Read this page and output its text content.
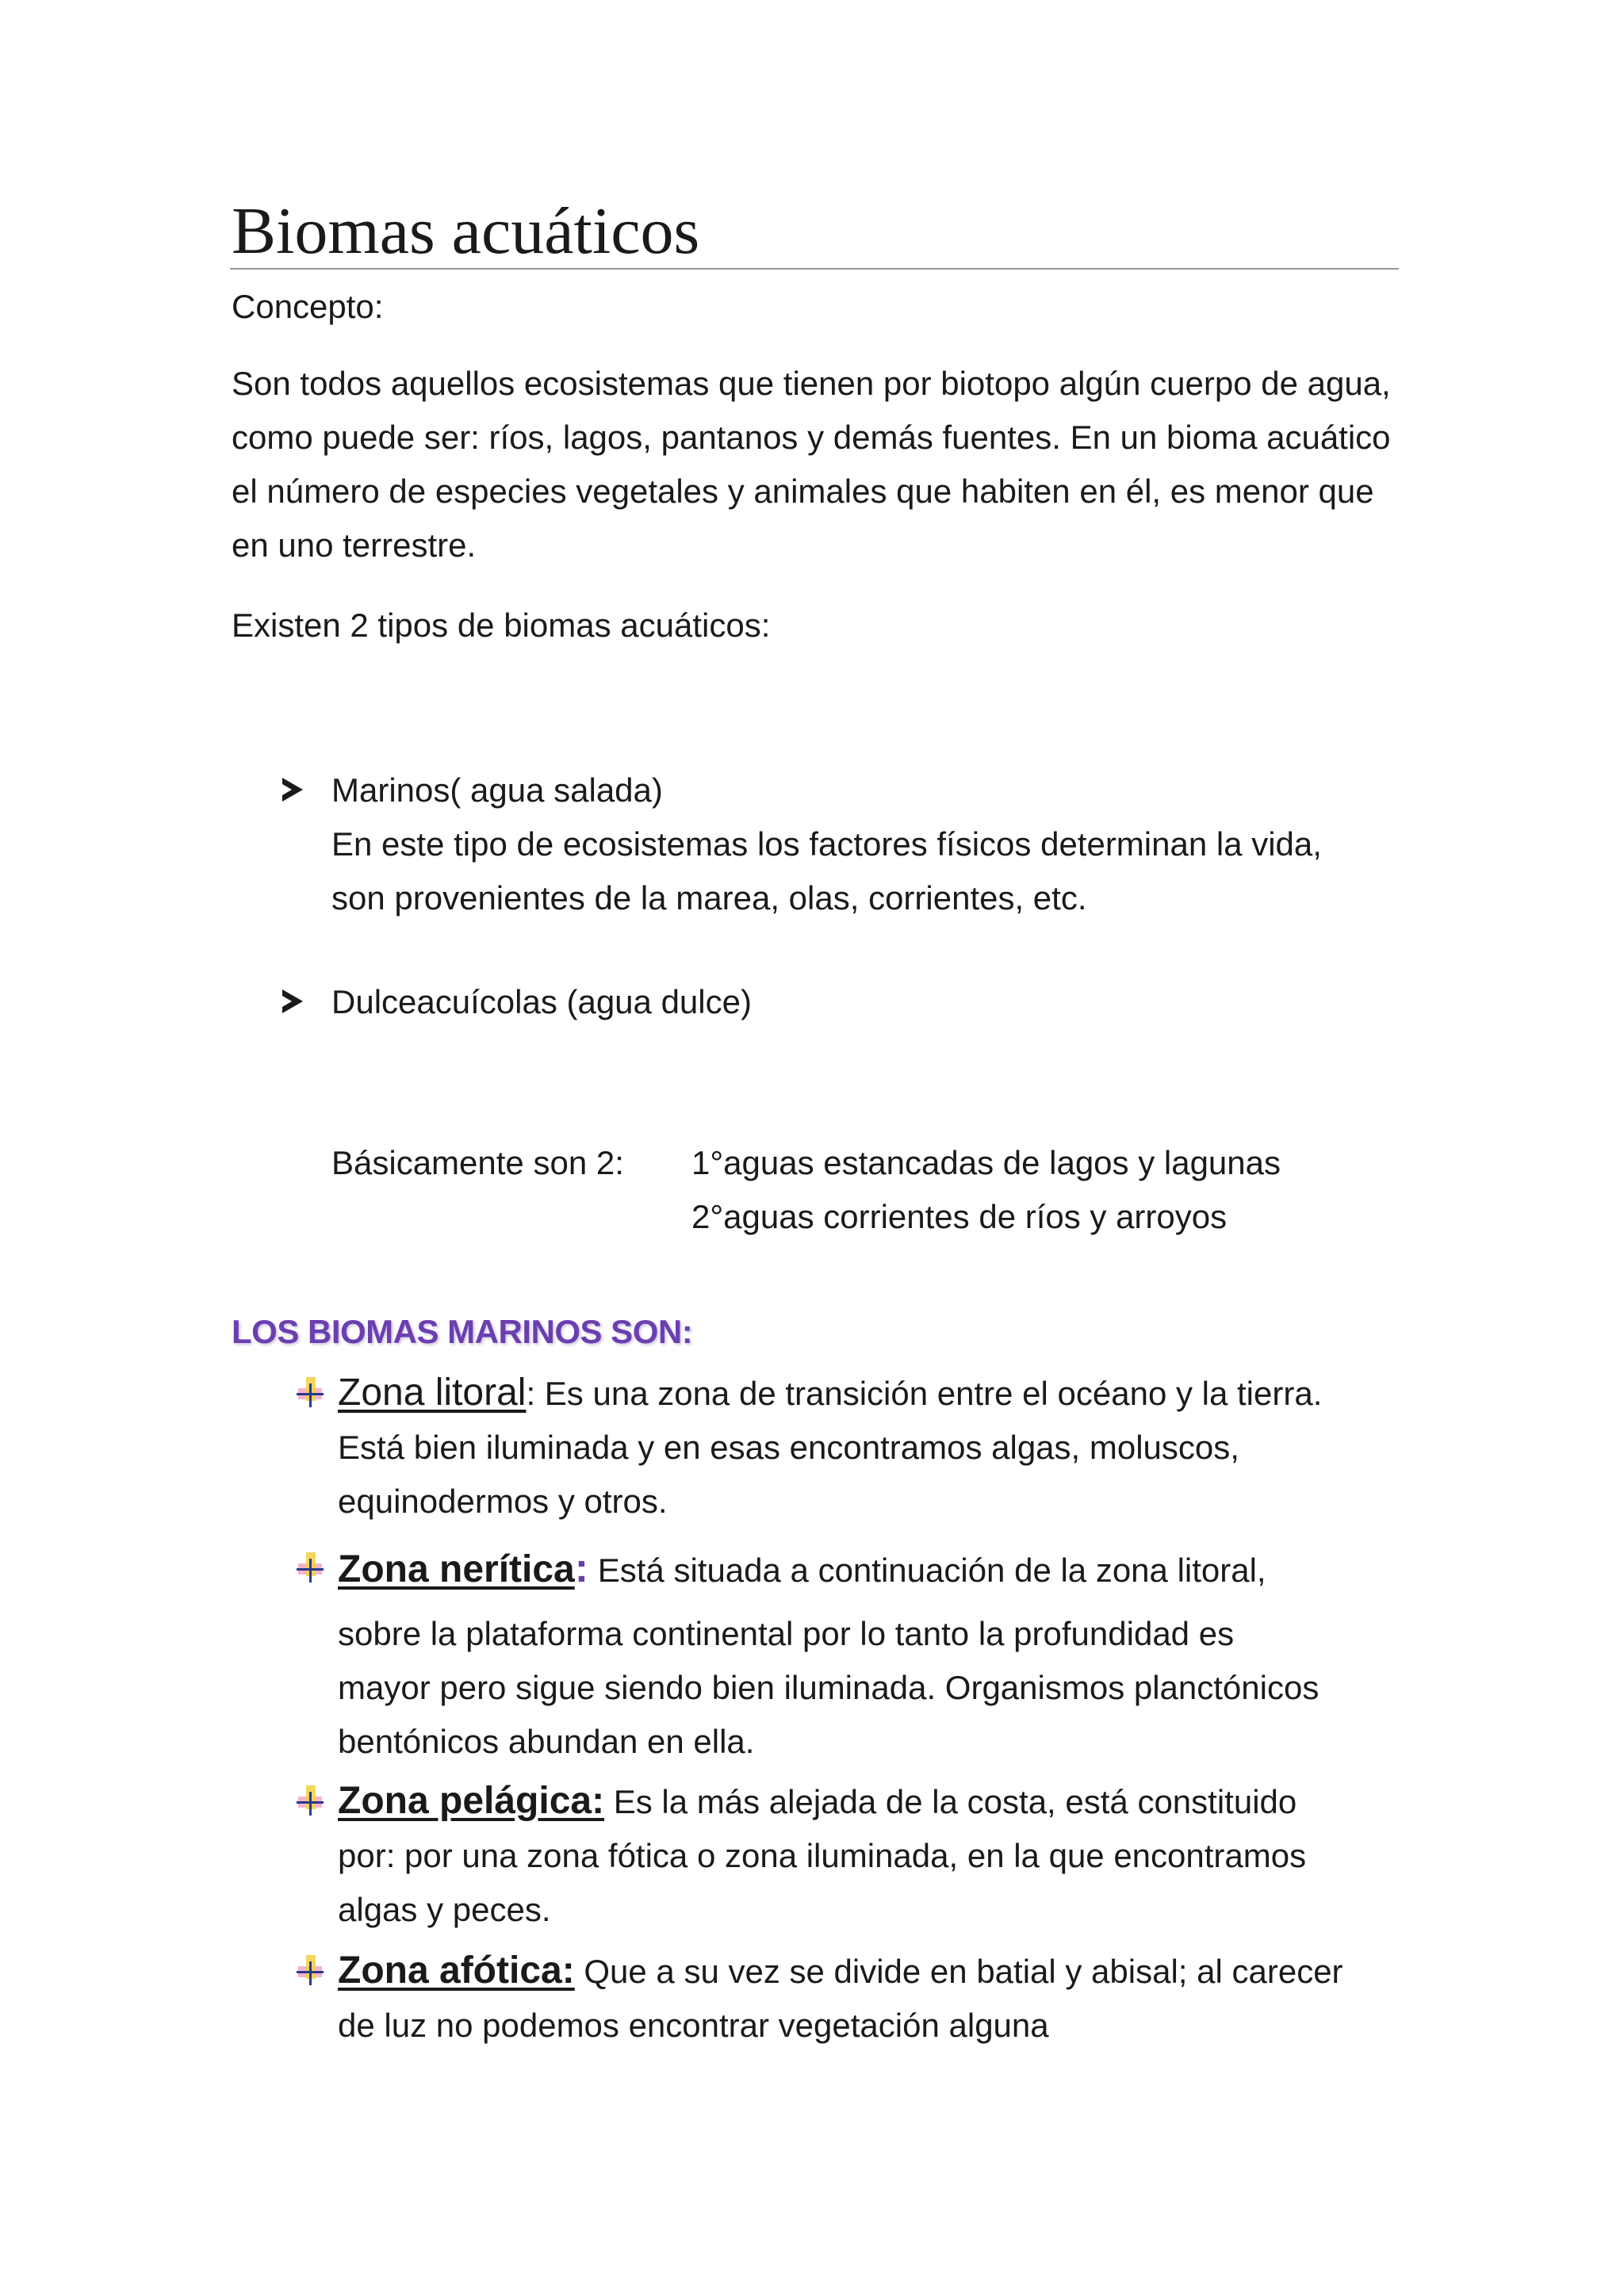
Biomas acuáticos
Concepto:

Son todos aquellos ecosistemas que tienen por biotopo algún cuerpo de agua, como puede ser: ríos, lagos, pantanos y demás fuentes. En un bioma acuático el número de especies vegetales y animales que habiten en él, es menor que en uno terrestre.

Existen 2 tipos de biomas acuáticos:

Marinos( agua salada)

En este tipo de ecosistemas los factores físicos determinan la vida,

son provenientes de la marea, olas, corrientes, etc.

Dulceacuícolas (agua dulce)

Básicamente son 2: 1°aguas estancadas de lagos y lagunas
2°aguas corrientes de ríos y arroyos
LOS BIOMAS MARINOS SON:

Zona litoral: Es una zona de transición entre el océano y la tierra.

Está bien iluminada y en esas encontramos algas, moluscos,

equinodermos y otros.

Zona nerítica: Está situada a continuación de la zona litoral,

sobre la plataforma continental por lo tanto la profundidad es

mayor pero sigue siendo bien iluminada. Organismos planctónicos

bentónicos abundan en ella.

Zona pelágica: Es la más alejada de la costa, está constituido

por: por una zona fótica o zona iluminada, en la que encontramos

algas y peces.

Zona afótica: Que a su vez se divide en batial y abisal; al carecer

de luz no podemos encontrar vegetación alguna
